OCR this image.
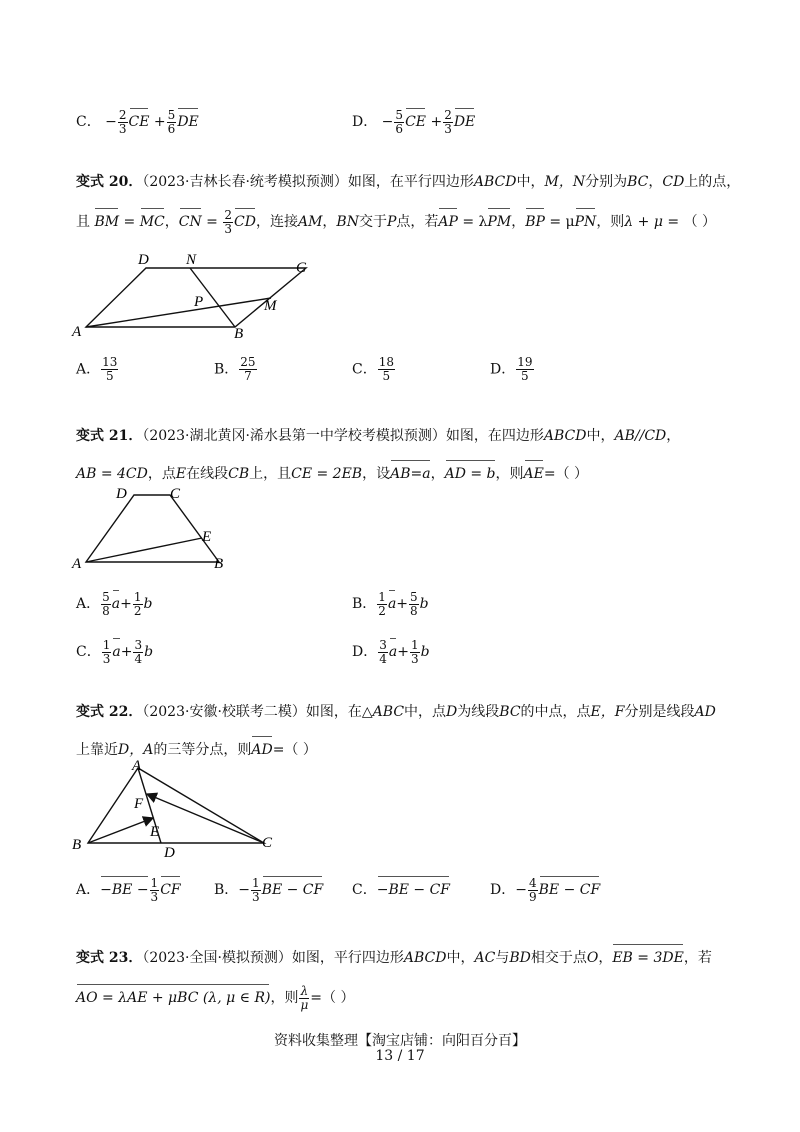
C． − $\frac{2}{3}$ CE + $\frac{5}{6}$ DE	D． − $\frac{5}{6}$ CE + $\frac{2}{3}$ DE
变式 20．（2023·吉林长春·统考模拟预测）如图，在平行四边形ABCD中，M，N分别为BC，CD上的点，
且 BM = MC，CN = $\frac{2}{3}$ CD，连接AM，BN交于P点，若AP = λPM，BP = μPN，则λ + μ = （ ）
D N	C
P	M
A	B
A． $\frac{13}{5}$	B． $\frac{25}{7}$	C． $\frac{18}{5}$	D． $\frac{19}{5}$
变式 21．（2023·湖北黄冈·浠水县第一中学校考模拟预测）如图，在四边形ABCD中，AB//CD，
AB = 4CD，点E在线段CB上，且CE = 2EB，设AB=a，AD = b，则AE=（ ）
D	C
E
A	B
A． $\frac{5}{8} a+ \frac{1}{2}$ b	B． $\frac{1}{2} a+ \frac{5}{8}$ b
C． $\frac{1}{3} a+ \frac{3}{4}$ b	D． $\frac{3}{4} a+ \frac{1}{3}$ b
变式 22．（2023·安徽·校联考二模）如图，在△ABC中，点D为线段BC的中点，点E，F分别是线段AD
上靠近D，A的三等分点，则AD=（ ）
A
F
E
B	D
C
A．$-BE - \frac{1}{3}$ CF B．− $\frac{1}{3}$ BE − CF C．−BE − CF	D．− $\frac{4}{9}$ BE − CF
变式 23．（2023·全国·模拟预测）如图，平行四边形ABCD中，AC与BD相交于点O，EB = 3DE，若
AO = λAE + μBC (λ, μ ∈ R)，则 $\frac{\lambda}{\mu}$ =（ ）
资料收集整理【淘宝店铺：向阳百分百】
13 / 17
